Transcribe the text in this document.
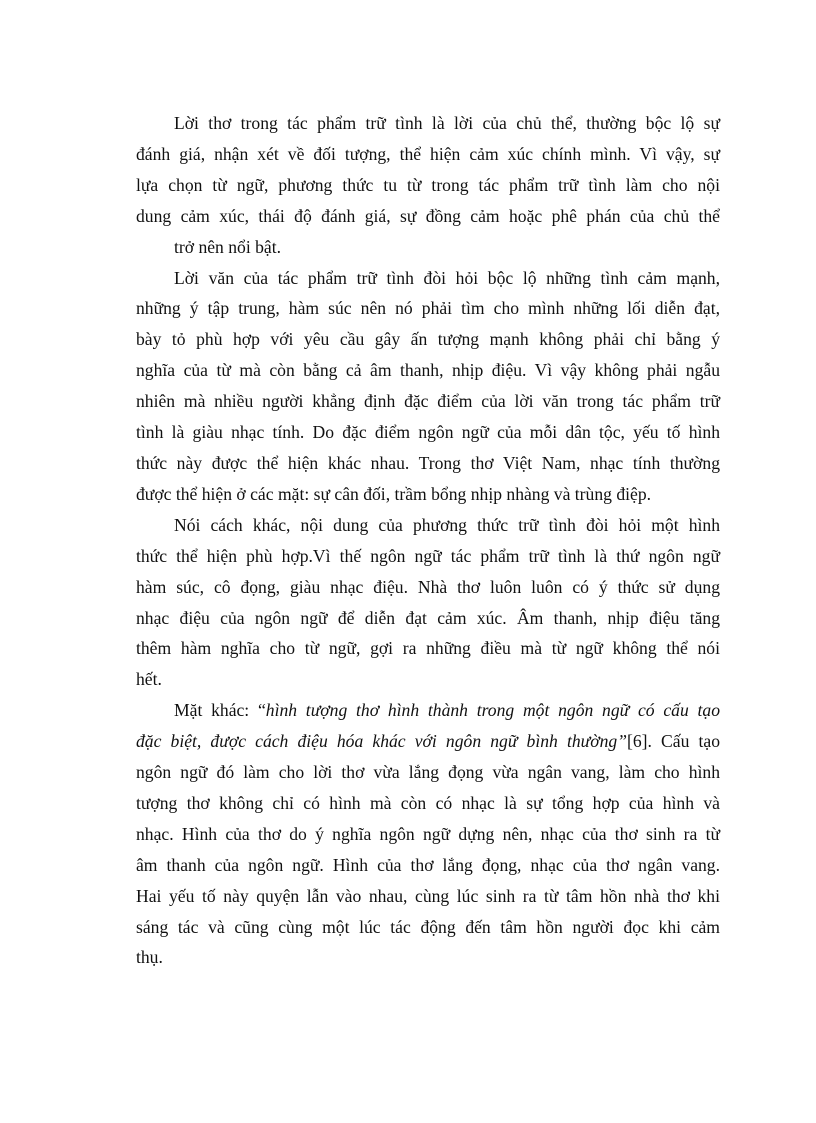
Lời thơ trong tác phẩm trữ tình là lời của chủ thể, thường bộc lộ sự
đánh giá, nhận xét về đối tượng, thể hiện cảm xúc chính mình. Vì vậy, sự
lựa chọn từ ngữ, phương thức tu từ trong tác phẩm trữ tình làm cho nội
dung cảm xúc, thái độ đánh giá, sự đồng cảm hoặc phê phán của chủ thể

trở nên nổi bật.

Lời văn của tác phẩm trữ tình đòi hỏi bộc lộ những tình cảm mạnh,
những ý tập trung, hàm súc nên nó phải tìm cho mình những lối diễn đạt,
bày tỏ phù hợp với yêu cầu gây ấn tượng mạnh không phải chỉ bằng ý
nghĩa của từ mà còn bằng cả âm thanh, nhịp điệu. Vì vậy không phải ngẫu
nhiên mà nhiều người khẳng định đặc điểm của lời văn trong tác phẩm trữ
tình là giàu nhạc tính. Do đặc điểm ngôn ngữ của mỗi dân tộc, yếu tố hình
thức này được thể hiện khác nhau. Trong thơ Việt Nam, nhạc tính thường
được thể hiện ở các mặt: sự cân đối, trầm bổng nhịp nhàng và trùng điệp.

Nói cách khác, nội dung của phương thức trữ tình đòi hỏi một hình
thức thể hiện phù hợp.Vì thế ngôn ngữ tác phẩm trữ tình là thứ ngôn ngữ
hàm súc, cô đọng, giàu nhạc điệu. Nhà thơ luôn luôn có ý thức sử dụng
nhạc điệu của ngôn ngữ để diễn đạt cảm xúc. Âm thanh, nhịp điệu tăng
thêm hàm nghĩa cho từ ngữ, gợi ra những điều mà từ ngữ không thể nói
hết.

Mặt khác: “hình tượng thơ hình thành trong một ngôn ngữ có cấu tạo
đặc biệt, được cách điệu hóa khác với ngôn ngữ bình thường”[6]. Cấu tạo
ngôn ngữ đó làm cho lời thơ vừa lắng đọng vừa ngân vang, làm cho hình
tượng thơ không chỉ có hình mà còn có nhạc là sự tổng hợp của hình và
nhạc. Hình của thơ do ý nghĩa ngôn ngữ dựng nên, nhạc của thơ sinh ra từ
âm thanh của ngôn ngữ. Hình của thơ lắng đọng, nhạc của thơ ngân vang.
Hai yếu tố này quyện lẫn vào nhau, cùng lúc sinh ra từ tâm hồn nhà thơ khi
sáng tác và cũng cùng một lúc tác động đến tâm hồn người đọc khi cảm
thụ.
